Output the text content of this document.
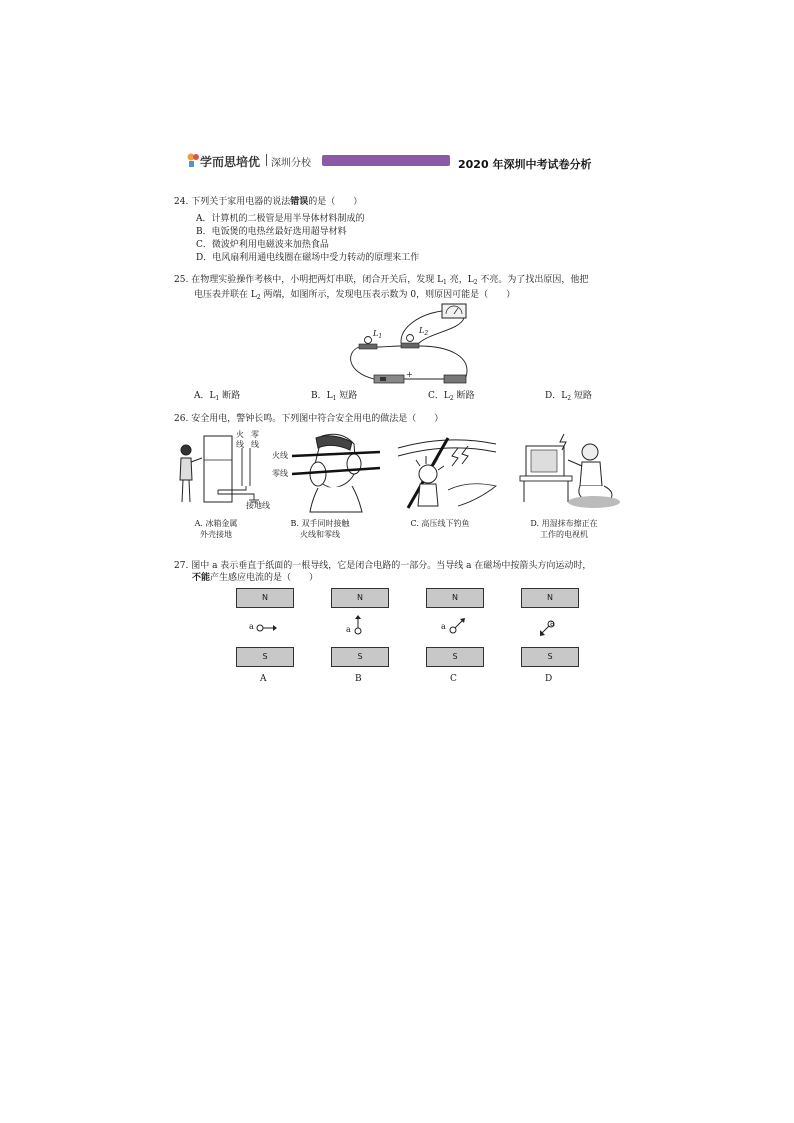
学而思培优 深圳分校	2020 年深圳中考试卷分析
24. 下列关于家用电器的说法错误的是（　　）
A．计算机的二极管是用半导体材料制成的
B．电饭煲的电热丝最好选用超导材料
C．微波炉利用电磁波来加热食品
D．电风扇利用通电线圈在磁场中受力转动的原理来工作
25. 在物理实验操作考核中，小明把两灯串联，闭合开关后，发现 $L_1$ 亮，$L_2$ 不亮。为了找出原因，他把
电压表并联在 $L_2$ 两端，如图所示，发现电压表示数为 0，则原因可能是（　　）
$L_1$
$L_2$
+
A．$L_1$ 断路	B．$L_1$ 短路	C．$L_2$ 断路	D．$L_2$ 短路
26. 安全用电，警钟长鸣。下列图中符合安全用电的做法是（　　）
火
线
零
线
接地线
火线
零线
A. 冰箱金属
外壳接地
B. 双手同时接触
火线和零线
C. 高压线下钓鱼	D. 用湿抹布擦正在
工作的电视机
27. 图中 a 表示垂直于纸面的一根导线，它是闭合电路的一部分。当导线 a 在磁场中按箭头方向运动时，
不能产生感应电流的是（　　）
N	N	N	N
S	S	S	S
a	a	a	a
A	B	C	D
